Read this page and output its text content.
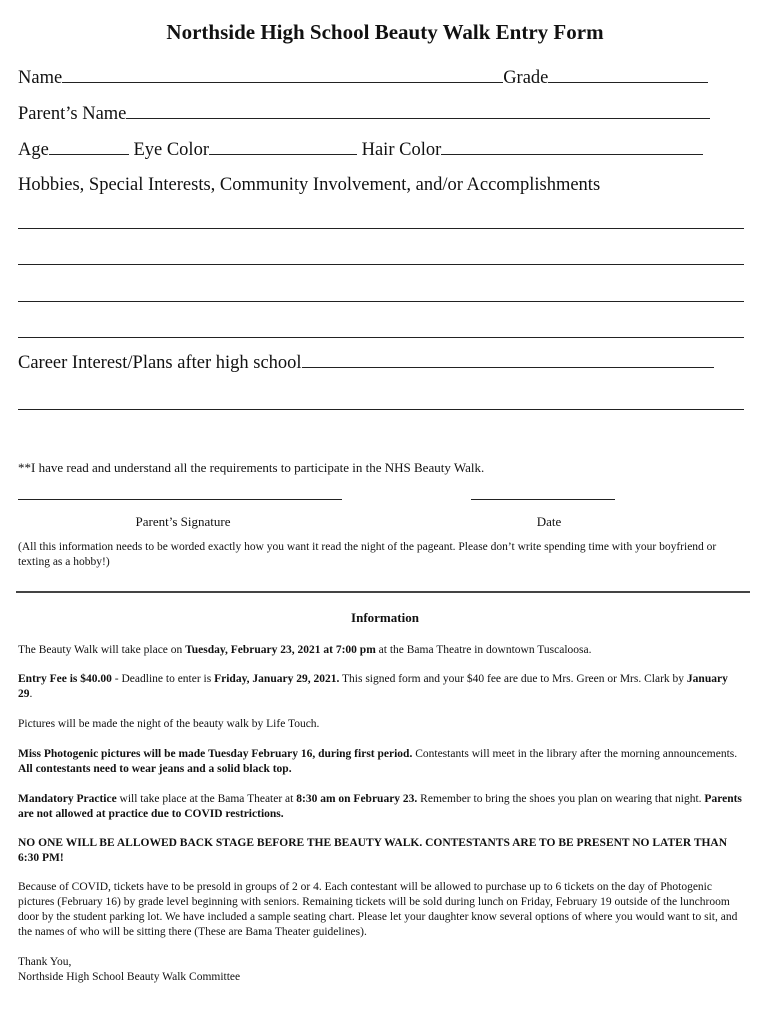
Northside High School Beauty Walk Entry Form
Name	Grade
Parent’s Name
Age	Eye Color	Hair Color
Hobbies, Special Interests, Community Involvement, and/or Accomplishments
Career Interest/Plans after high school
**I have read and understand all the requirements to participate in the NHS Beauty Walk.
Parent’s Signature	Date
(All this information needs to be worded exactly how you want it read the night of the pageant. Please don’t write spending time with your boyfriend or texting as a hobby!)
Information
The Beauty Walk will take place on Tuesday, February 23, 2021 at 7:00 pm at the Bama Theatre in downtown Tuscaloosa.
Entry Fee is $40.00 - Deadline to enter is Friday, January 29, 2021. This signed form and your $40 fee are due to Mrs. Green or Mrs. Clark by January 29.
Pictures will be made the night of the beauty walk by Life Touch.
Miss Photogenic pictures will be made Tuesday February 16, during first period. Contestants will meet in the library after the morning announcements. All contestants need to wear jeans and a solid black top.
Mandatory Practice will take place at the Bama Theater at 8:30 am on February 23. Remember to bring the shoes you plan on wearing that night. Parents are not allowed at practice due to COVID restrictions.
NO ONE WILL BE ALLOWED BACK STAGE BEFORE THE BEAUTY WALK. CONTESTANTS ARE TO BE PRESENT NO LATER THAN 6:30 PM!
Because of COVID, tickets have to be presold in groups of 2 or 4. Each contestant will be allowed to purchase up to 6 tickets on the day of Photogenic pictures (February 16) by grade level beginning with seniors. Remaining tickets will be sold during lunch on Friday, February 19 outside of the lunchroom door by the student parking lot. We have included a sample seating chart. Please let your daughter know several options of where you would want to sit, and the names of who will be sitting there (These are Bama Theater guidelines).
Thank You,
Northside High School Beauty Walk Committee
